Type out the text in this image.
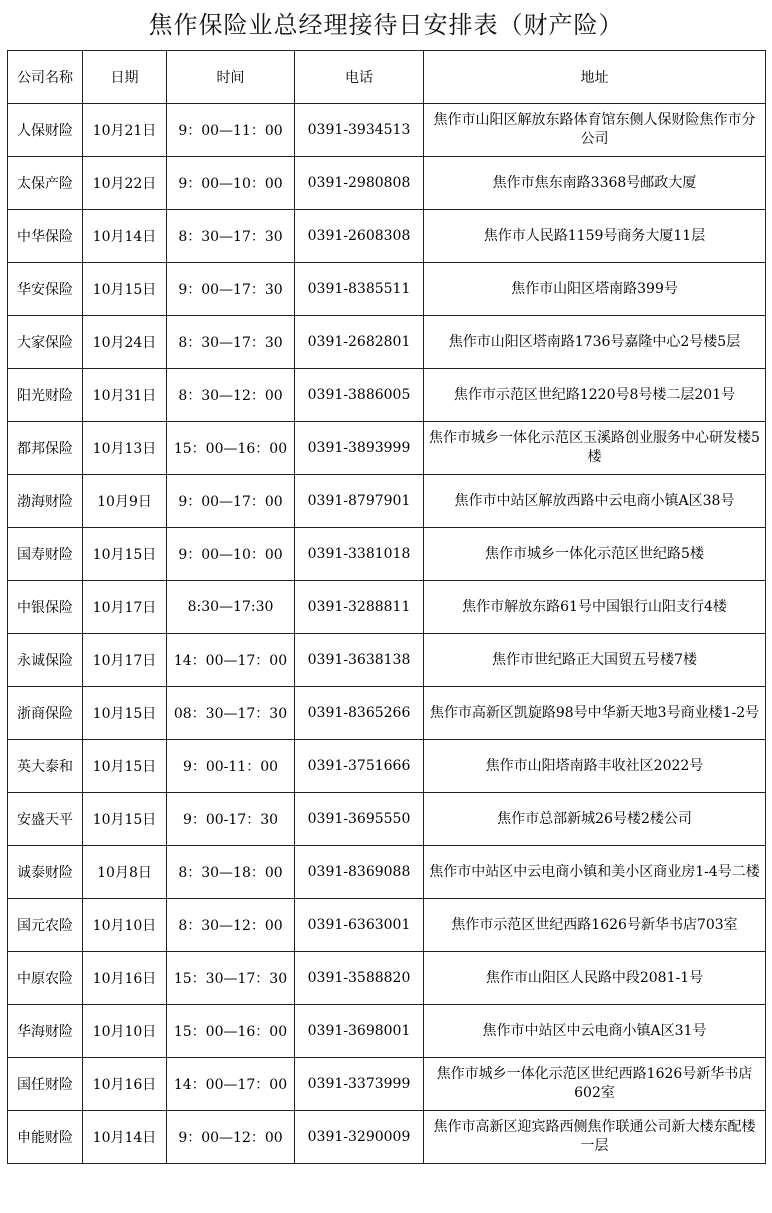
焦作保险业总经理接待日安排表（财产险）
公司名称	日期	时间	电话	地址
人保财险	10月21日	9：00—11：00	0391-3934513	焦作市山阳区解放东路体育馆东侧人保财险焦作市分公司
太保产险	10月22日	9：00—10：00	0391-2980808	焦作市焦东南路3368号邮政大厦
中华保险	10月14日	8：30—17：30	0391-2608308	焦作市人民路1159号商务大厦11层
华安保险	10月15日	9：00—17：30	0391-8385511	焦作市山阳区塔南路399号
大家保险	10月24日	8：30—17：30	0391-2682801	焦作市山阳区塔南路1736号嘉隆中心2号楼5层
阳光财险	10月31日	8：30—12：00	0391-3886005	焦作市示范区世纪路1220号8号楼二层201号
都邦保险	10月13日	15：00—16：00	0391-3893999	焦作市城乡一体化示范区玉溪路创业服务中心研发楼5楼
渤海财险	10月9日	9：00—17：00	0391-8797901	焦作市中站区解放西路中云电商小镇A区38号
国寿财险	10月15日	9：00—10：00	0391-3381018	焦作市城乡一体化示范区世纪路5楼
中银保险	10月17日	8:30—17:30	0391-3288811	焦作市解放东路61号中国银行山阳支行4楼
永诚保险	10月17日	14：00—17：00	0391-3638138	焦作市世纪路正大国贸五号楼7楼
浙商保险	10月15日	08：30—17：30	0391-8365266	焦作市高新区凯旋路98号中华新天地3号商业楼1-2号
英大泰和	10月15日	9：00-11：00	0391-3751666	焦作市山阳塔南路丰收社区2022号
安盛天平	10月15日	9：00-17：30	0391-3695550	焦作市总部新城26号楼2楼公司
诚泰财险	10月8日	8：30—18：00	0391-8369088	焦作市中站区中云电商小镇和美小区商业房1-4号二楼
国元农险	10月10日	8：30—12：00	0391-6363001	焦作市示范区世纪西路1626号新华书店703室
中原农险	10月16日	15：30—17：30	0391-3588820	焦作市山阳区人民路中段2081-1号
华海财险	10月10日	15：00—16：00	0391-3698001	焦作市中站区中云电商小镇A区31号
国任财险	10月16日	14：00—17：00	0391-3373999	焦作市城乡一体化示范区世纪西路1626号新华书店602室
申能财险	10月14日	9：00—12：00	0391-3290009	焦作市高新区迎宾路西侧焦作联通公司新大楼东配楼一层
